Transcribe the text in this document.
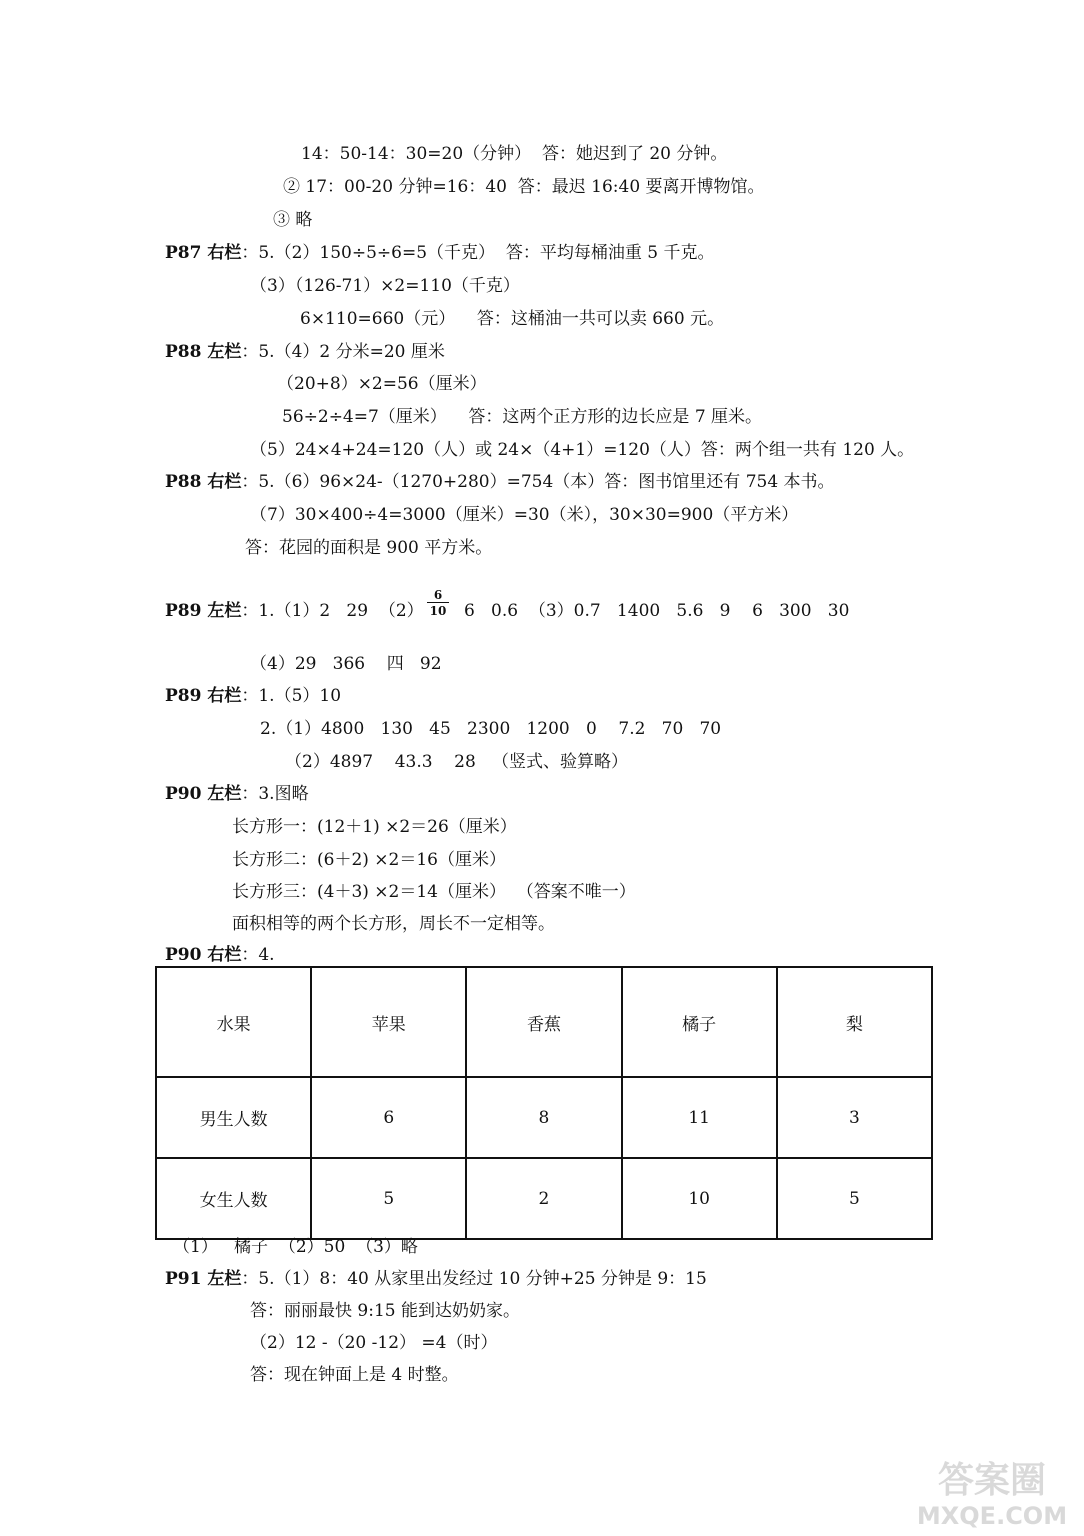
14：50-14：30=20（分钟）  答：她迟到了 20 分钟。
② 17：00-20 分钟=16：40  答：最迟 16:40 要离开博物馆。
③ 略
P87 右栏：5.（2）150÷5÷6=5（千克）  答：平均每桶油重 5 千克。
（3）（126-71）×2=110（千克）
6×110=660（元）    答：这桶油一共可以卖 660 元。
P88 左栏：5.（4）2 分米=20 厘米
（20+8）×2=56（厘米）
56÷2÷4=7（厘米）    答：这两个正方形的边长应是 7 厘米。
（5）24×4+24=120（人）或 24×（4+1）=120（人）答：两个组一共有 120 人。
P88 右栏：5.（6）96×24-（1270+280）=754（本）答：图书馆里还有 754 本书。
（7）30×400÷4=3000（厘米）=30（米），30×30=900（平方米）
答：花园的面积是 900 平方米。
P89 左栏：1.（1）2   29  $(2) \frac{6}{10} 6$   0.6  （3）0.7   1400   5.6   9    6   300   30
（4）29   366    四   92
P89 右栏：1.（5）10
2.（1）4800   130   45   2300   1200   0    7.2   70   70
（2）4897    43.3    28   （竖式、验算略）
P90 左栏：3.图略
长方形一：(12＋1) ×2＝26（厘米）
长方形二：(6＋2) ×2＝16（厘米）
长方形三：(4＋3) ×2＝14（厘米）  （答案不唯一）
面积相等的两个长方形，周长不一定相等。
P90 右栏：4.
水果	苹果	香蕉	橘子	梨
男生人数	6	8	11	3
女生人数	5	2	10	5
（1）   橘子  （2）50  （3）略
P91 左栏：5.（1）8：40 从家里出发经过 10 分钟+25 分钟是 9：15
答：丽丽最快 9:15 能到达奶奶家。
（2）12 -（20 -12） =4（时）
答：现在钟面上是 4 时整。
答案圈
MXQE.COM
